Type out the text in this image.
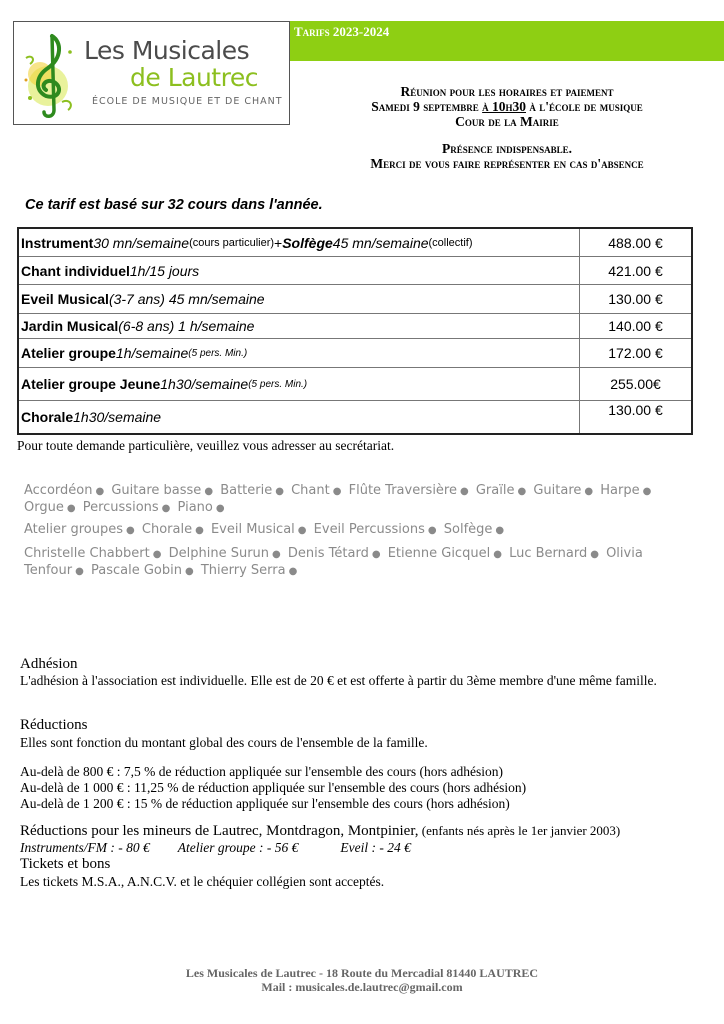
Les Musicales
de Lautrec
ÉCOLE DE MUSIQUE ET DE CHANT
Tarifs 2023-2024
Réunion pour les horaires et paiement
Samedi 9 septembre à 10h30 à l'école de musique
Cour de la Mairie
Présence indispensable.
Merci de vous faire représenter en cas d'absence
Ce tarif est basé sur 32 cours dans l'année.
Instrument 30 mn/semaine (cours particulier) + Solfège 45 mn/semaine (collectif)	488.00 €
Chant individuel 1h/15 jours	421.00 €
Eveil Musical (3-7 ans) 45 mn/semaine	130.00 €
Jardin Musical (6-8 ans) 1 h/semaine	140.00 €
Atelier groupe 1h/semaine (5 pers. Min.)	172.00 €
Atelier groupe Jeune 1h30/semaine (5 pers. Min.)	255.00€
Chorale 1h30/semaine	130.00 €
Pour toute demande particulière, veuillez vous adresser au secrétariat.
Accordéon ● Guitare basse ● Batterie ● Chant ● Flûte Traversière ● Graïle ● Guitare ● Harpe ● Orgue ● Percussions ● Piano ●
Atelier groupes ● Chorale ● Eveil Musical ● Eveil Percussions ● Solfège ●
Christelle Chabbert ● Delphine Surun ● Denis Tétard ● Etienne Gicquel ● Luc Bernard ● Olivia Tenfour ● Pascale Gobin ● Thierry Serra ●
Adhésion
L'adhésion à l'association est individuelle. Elle est de 20 € et est offerte à partir du 3ème membre d'une même famille.
Réductions
Elles sont fonction du montant global des cours de l'ensemble de la famille.
Au-delà de 800 € : 7,5 % de réduction appliquée sur l'ensemble des cours (hors adhésion)
Au-delà de 1 000 € : 11,25 % de réduction appliquée sur l'ensemble des cours (hors adhésion)
Au-delà de 1 200 € : 15 % de réduction appliquée sur l'ensemble des cours (hors adhésion)
Réductions pour les mineurs de Lautrec, Montdragon, Montpinier, (enfants nés après le 1er janvier 2003)
Instruments/FM : - 80 € Atelier groupe : - 56 €	Eveil : - 24 €
Tickets et bons
Les tickets M.S.A., A.N.C.V. et le chéquier collégien sont acceptés.
Les Musicales de Lautrec - 18 Route du Mercadial 81440 LAUTREC
Mail : musicales.de.lautrec@gmail.com
